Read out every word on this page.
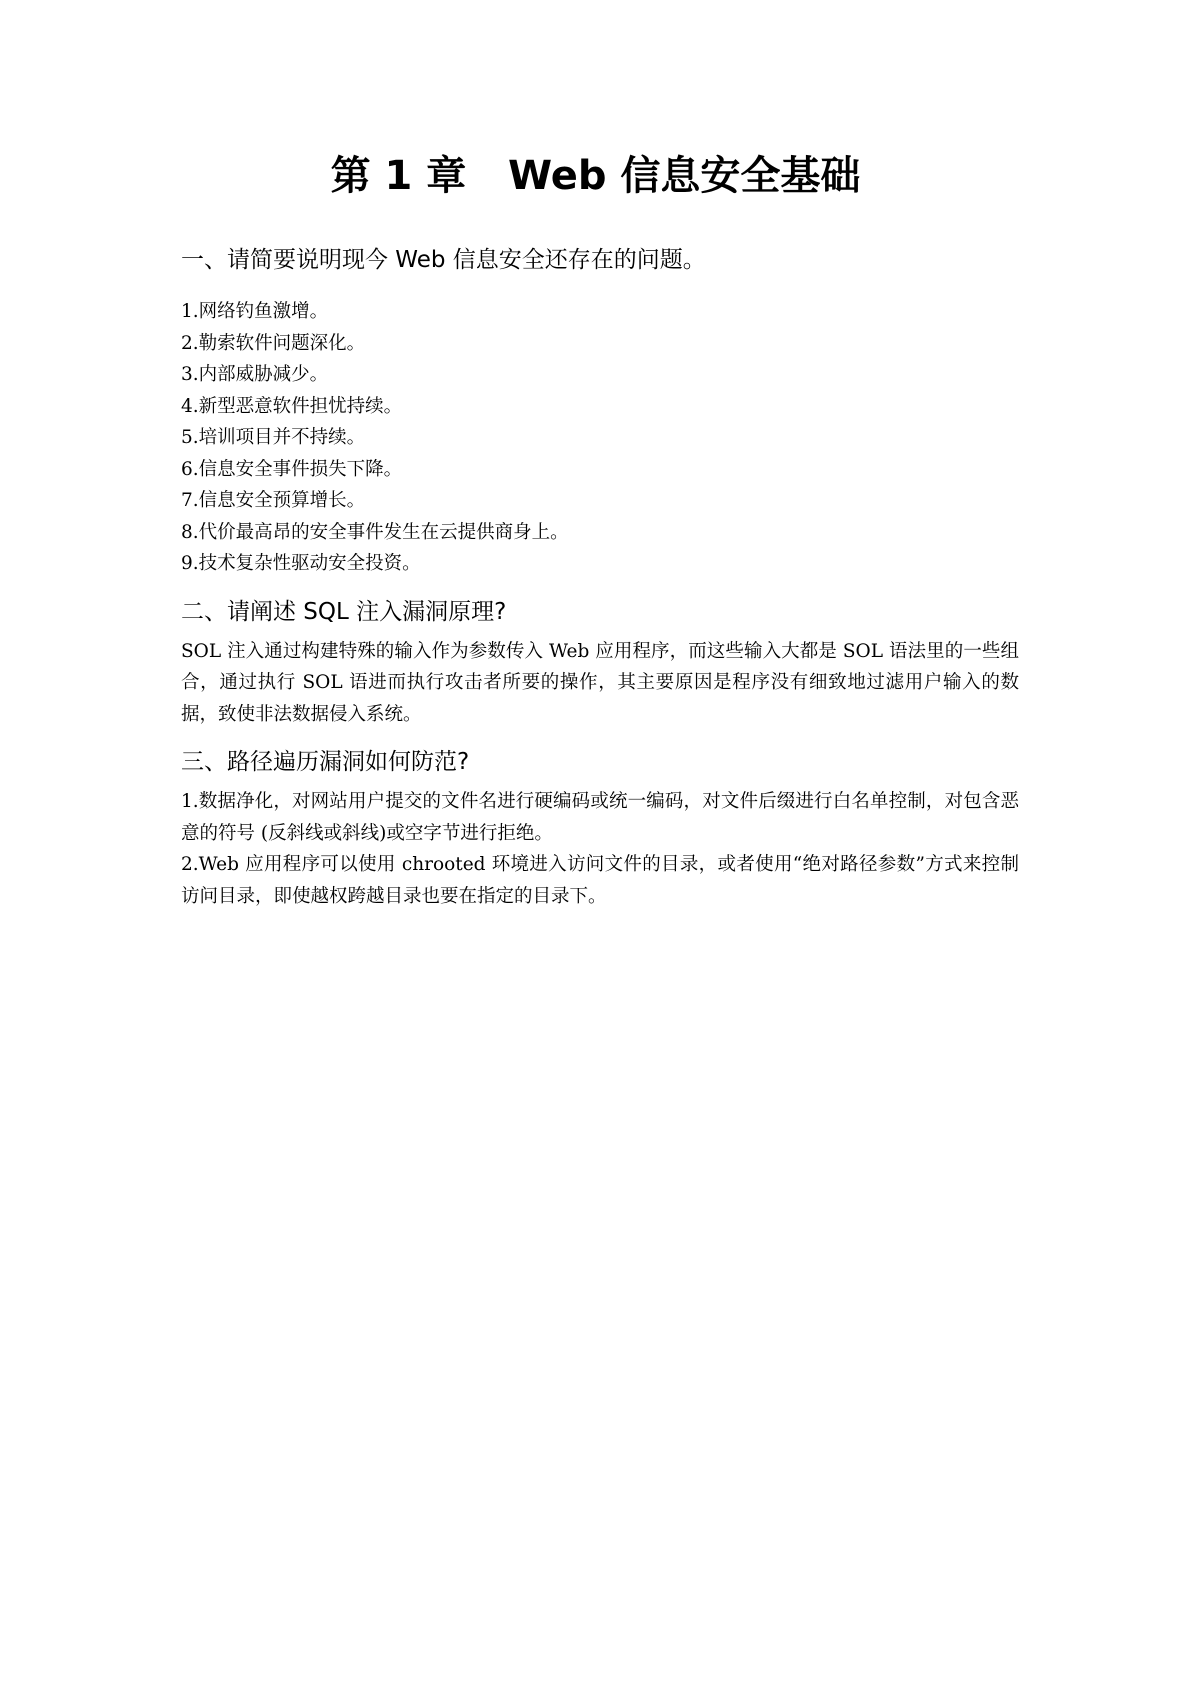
第 1 章   Web 信息安全基础
一、请简要说明现今 Web 信息安全还存在的问题。
1.网络钓鱼激增。
2.勒索软件问题深化。
3.内部威胁减少。
4.新型恶意软件担忧持续。
5.培训项目并不持续。
6.信息安全事件损失下降。
7.信息安全预算增长。
8.代价最高昂的安全事件发生在云提供商身上。
9.技术复杂性驱动安全投资。
二、请阐述 SQL 注入漏洞原理?

SOL 注入通过构建特殊的输入作为参数传入 Web 应用程序，而这些输入大都是 SOL 语法里的一些组合，通过执行 SOL 语进而执行攻击者所要的操作，其主要原因是程序没有细致地过滤用户输入的数据，致使非法数据侵入系统。

三、路径遍历漏洞如何防范?

1.数据净化，对网站用户提交的文件名进行硬编码或统一编码，对文件后缀进行白名单控制，对包含恶意的符号 (反斜线或斜线)或空字节进行拒绝。

2.Web 应用程序可以使用 chrooted 环境进入访问文件的目录，或者使用“绝对路径参数”方式来控制访问目录，即使越权跨越目录也要在指定的目录下。
